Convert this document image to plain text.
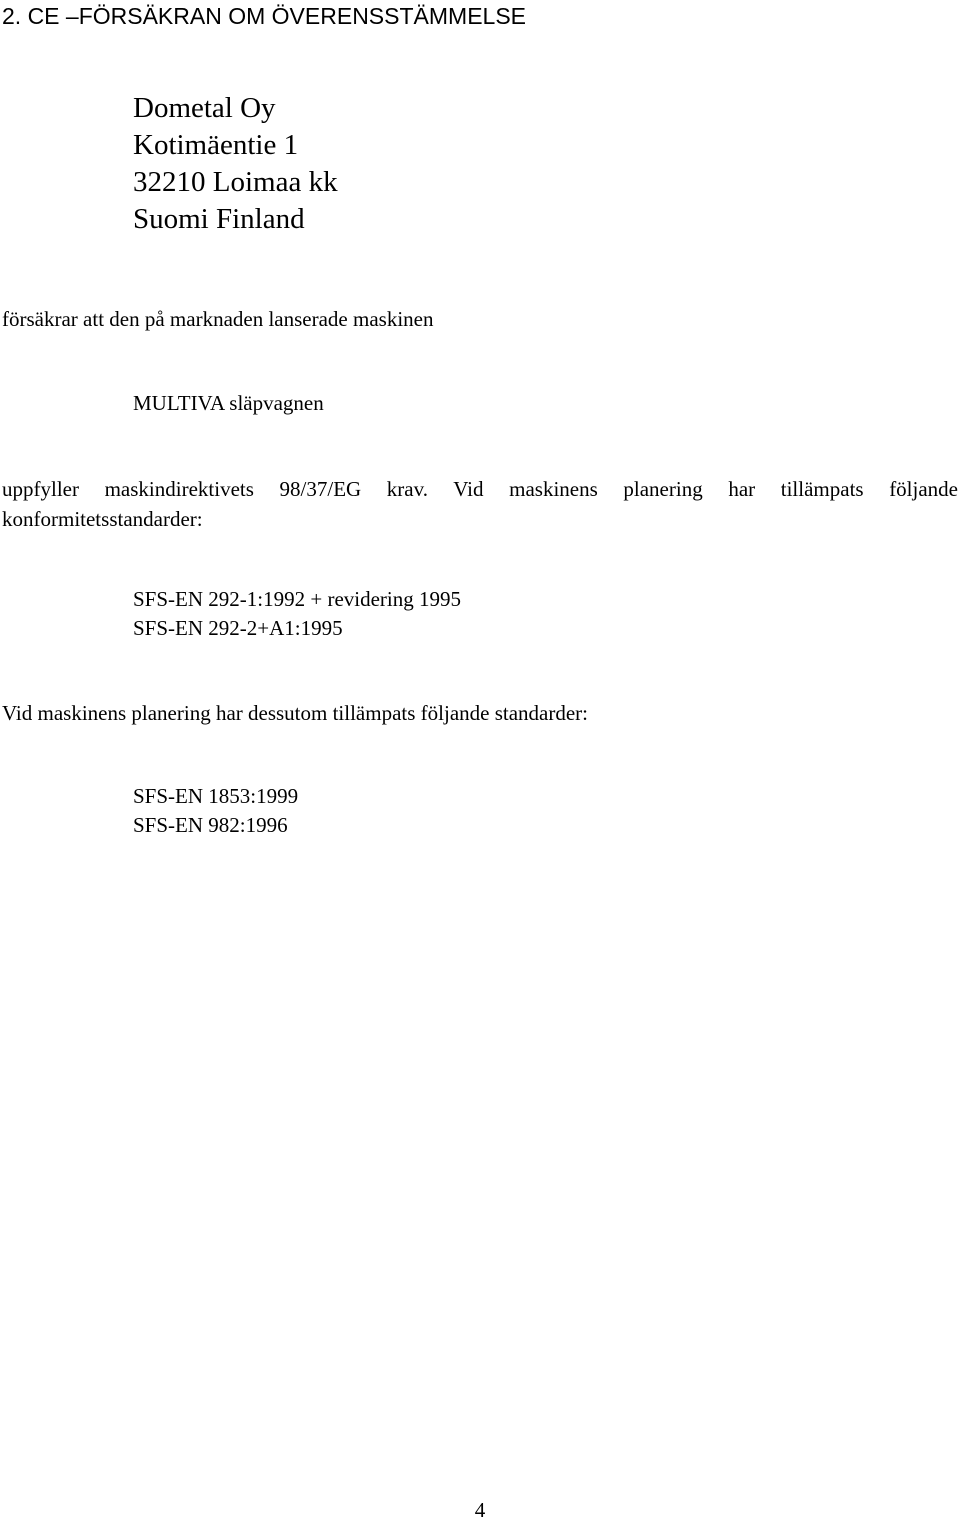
2. CE –FÖRSÄKRAN OM ÖVERENSSTÄMMELSE
Dometal Oy
Kotimäentie 1
32210 Loimaa kk
Suomi Finland
försäkrar att den på marknaden lanserade maskinen
MULTIVA släpvagnen
uppfyller maskindirektivets 98/37/EG krav. Vid maskinens planering har tillämpats följande konformitetsstandarder:
SFS-EN 292-1:1992 + revidering 1995
SFS-EN 292-2+A1:1995
Vid maskinens planering har dessutom tillämpats följande standarder:
SFS-EN 1853:1999
SFS-EN 982:1996
4
